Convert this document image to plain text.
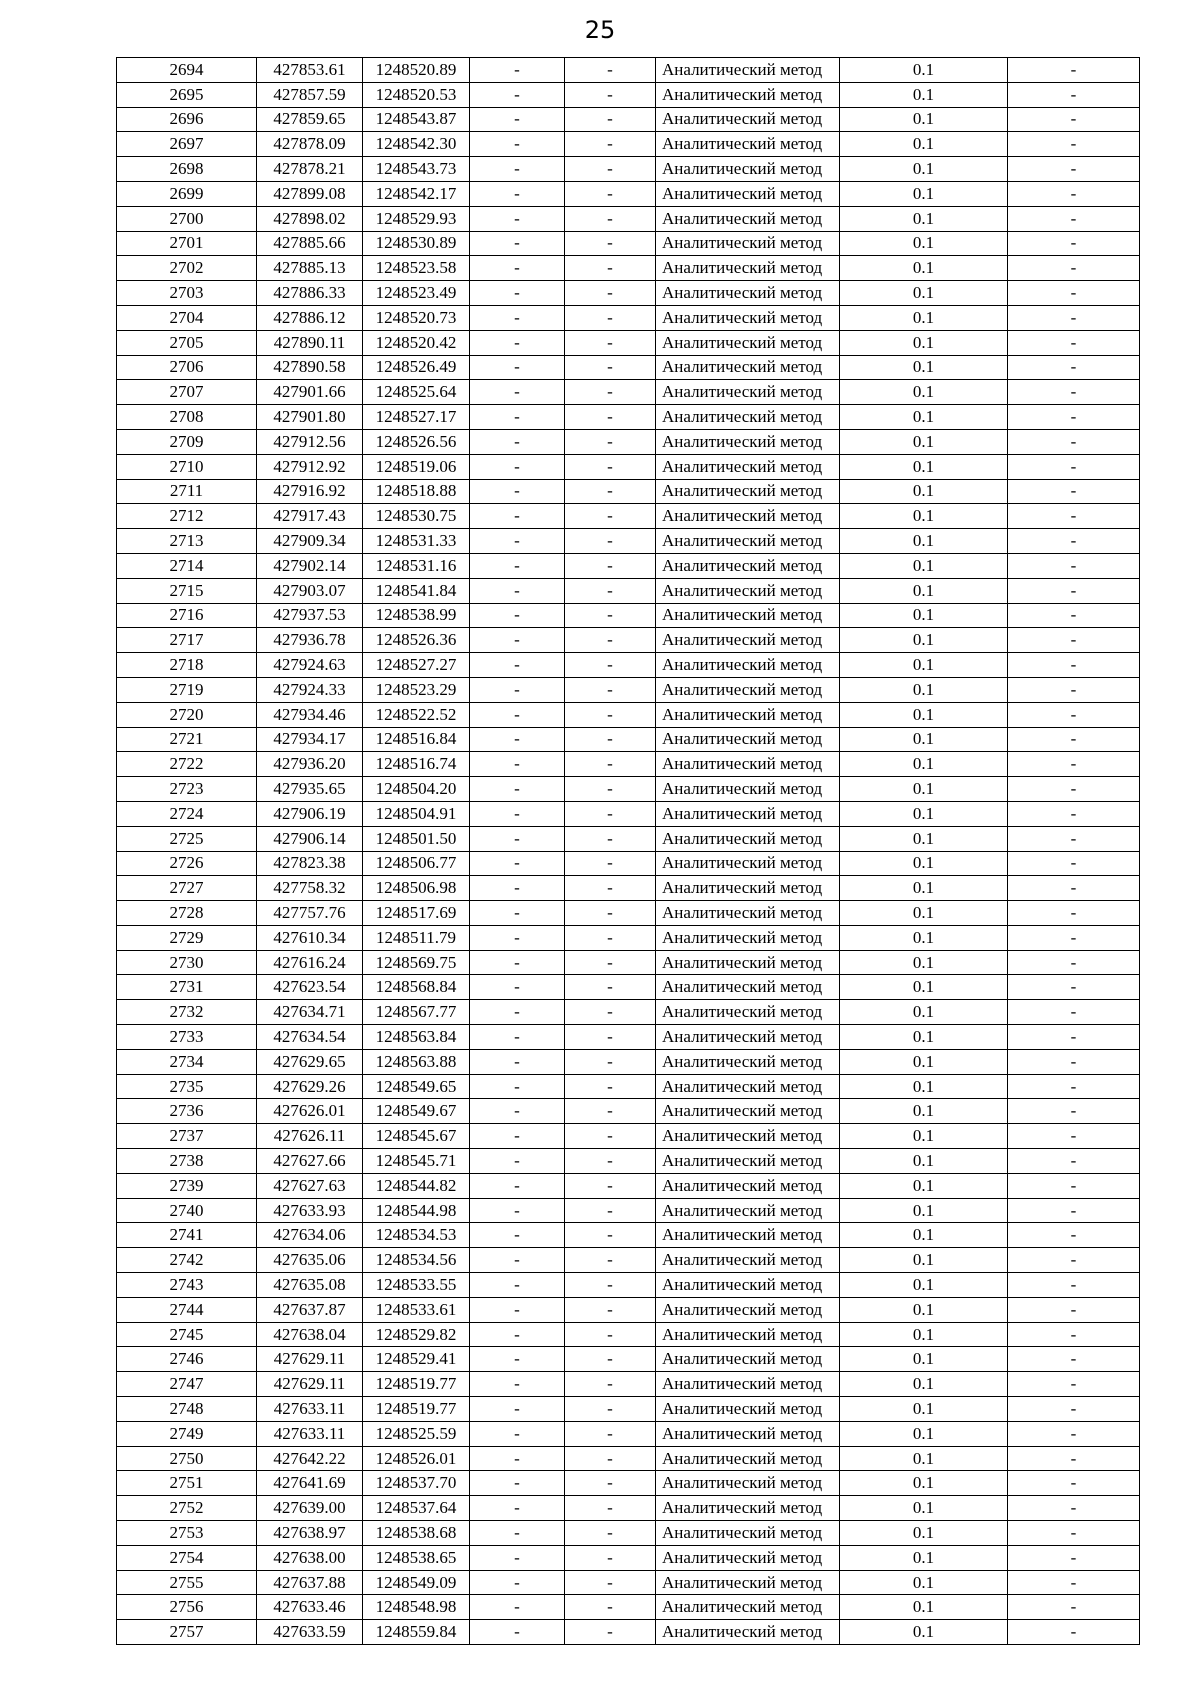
25
2694	427853.61	1248520.89	-	-	Аналитический метод	0.1	-
2695	427857.59	1248520.53	-	-	Аналитический метод	0.1	-
2696	427859.65	1248543.87	-	-	Аналитический метод	0.1	-
2697	427878.09	1248542.30	-	-	Аналитический метод	0.1	-
2698	427878.21	1248543.73	-	-	Аналитический метод	0.1	-
2699	427899.08	1248542.17	-	-	Аналитический метод	0.1	-
2700	427898.02	1248529.93	-	-	Аналитический метод	0.1	-
2701	427885.66	1248530.89	-	-	Аналитический метод	0.1	-
2702	427885.13	1248523.58	-	-	Аналитический метод	0.1	-
2703	427886.33	1248523.49	-	-	Аналитический метод	0.1	-
2704	427886.12	1248520.73	-	-	Аналитический метод	0.1	-
2705	427890.11	1248520.42	-	-	Аналитический метод	0.1	-
2706	427890.58	1248526.49	-	-	Аналитический метод	0.1	-
2707	427901.66	1248525.64	-	-	Аналитический метод	0.1	-
2708	427901.80	1248527.17	-	-	Аналитический метод	0.1	-
2709	427912.56	1248526.56	-	-	Аналитический метод	0.1	-
2710	427912.92	1248519.06	-	-	Аналитический метод	0.1	-
2711	427916.92	1248518.88	-	-	Аналитический метод	0.1	-
2712	427917.43	1248530.75	-	-	Аналитический метод	0.1	-
2713	427909.34	1248531.33	-	-	Аналитический метод	0.1	-
2714	427902.14	1248531.16	-	-	Аналитический метод	0.1	-
2715	427903.07	1248541.84	-	-	Аналитический метод	0.1	-
2716	427937.53	1248538.99	-	-	Аналитический метод	0.1	-
2717	427936.78	1248526.36	-	-	Аналитический метод	0.1	-
2718	427924.63	1248527.27	-	-	Аналитический метод	0.1	-
2719	427924.33	1248523.29	-	-	Аналитический метод	0.1	-
2720	427934.46	1248522.52	-	-	Аналитический метод	0.1	-
2721	427934.17	1248516.84	-	-	Аналитический метод	0.1	-
2722	427936.20	1248516.74	-	-	Аналитический метод	0.1	-
2723	427935.65	1248504.20	-	-	Аналитический метод	0.1	-
2724	427906.19	1248504.91	-	-	Аналитический метод	0.1	-
2725	427906.14	1248501.50	-	-	Аналитический метод	0.1	-
2726	427823.38	1248506.77	-	-	Аналитический метод	0.1	-
2727	427758.32	1248506.98	-	-	Аналитический метод	0.1	-
2728	427757.76	1248517.69	-	-	Аналитический метод	0.1	-
2729	427610.34	1248511.79	-	-	Аналитический метод	0.1	-
2730	427616.24	1248569.75	-	-	Аналитический метод	0.1	-
2731	427623.54	1248568.84	-	-	Аналитический метод	0.1	-
2732	427634.71	1248567.77	-	-	Аналитический метод	0.1	-
2733	427634.54	1248563.84	-	-	Аналитический метод	0.1	-
2734	427629.65	1248563.88	-	-	Аналитический метод	0.1	-
2735	427629.26	1248549.65	-	-	Аналитический метод	0.1	-
2736	427626.01	1248549.67	-	-	Аналитический метод	0.1	-
2737	427626.11	1248545.67	-	-	Аналитический метод	0.1	-
2738	427627.66	1248545.71	-	-	Аналитический метод	0.1	-
2739	427627.63	1248544.82	-	-	Аналитический метод	0.1	-
2740	427633.93	1248544.98	-	-	Аналитический метод	0.1	-
2741	427634.06	1248534.53	-	-	Аналитический метод	0.1	-
2742	427635.06	1248534.56	-	-	Аналитический метод	0.1	-
2743	427635.08	1248533.55	-	-	Аналитический метод	0.1	-
2744	427637.87	1248533.61	-	-	Аналитический метод	0.1	-
2745	427638.04	1248529.82	-	-	Аналитический метод	0.1	-
2746	427629.11	1248529.41	-	-	Аналитический метод	0.1	-
2747	427629.11	1248519.77	-	-	Аналитический метод	0.1	-
2748	427633.11	1248519.77	-	-	Аналитический метод	0.1	-
2749	427633.11	1248525.59	-	-	Аналитический метод	0.1	-
2750	427642.22	1248526.01	-	-	Аналитический метод	0.1	-
2751	427641.69	1248537.70	-	-	Аналитический метод	0.1	-
2752	427639.00	1248537.64	-	-	Аналитический метод	0.1	-
2753	427638.97	1248538.68	-	-	Аналитический метод	0.1	-
2754	427638.00	1248538.65	-	-	Аналитический метод	0.1	-
2755	427637.88	1248549.09	-	-	Аналитический метод	0.1	-
2756	427633.46	1248548.98	-	-	Аналитический метод	0.1	-
2757	427633.59	1248559.84	-	-	Аналитический метод	0.1	-
